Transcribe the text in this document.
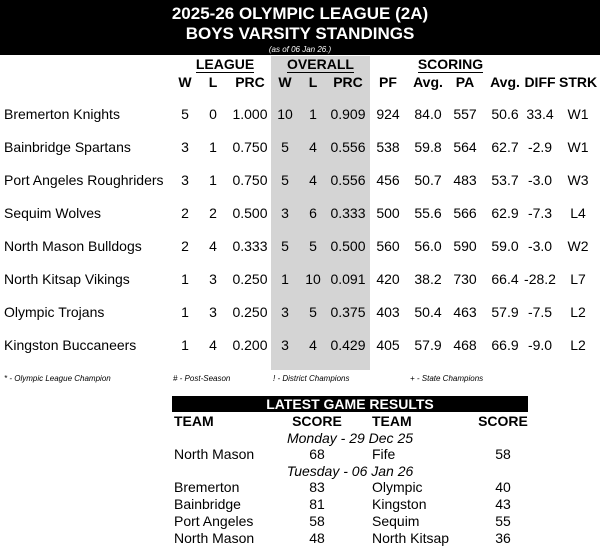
2025-26 OLYMPIC LEAGUE (2A)
BOYS VARSITY STANDINGS
(as of 06 Jan 26.)
LEAGUE	OVERALL	SCORING
W	L	PRC W	L	PRC	PF	Avg. PA	Avg. DIFF STRK
Bremerton Knights	5	0	1.000 10	1 0.909 924	84.0 557	50.6 33.4 W1
Bainbridge Spartans	3	1	0.750 5	4 0.556 538	59.8 564	62.7 -2.9	W1
Port Angeles Roughriders	3	1	0.750 5	4 0.556 456	50.7 483	53.7 -3.0	W3
Sequim Wolves	2	2	0.500 3	6 0.333 500	55.6 566	62.9 -7.3	L4
North Mason Bulldogs	2	4	0.333 5	5 0.500 560	56.0 590	59.0 -3.0	W2
North Kitsap Vikings	1	3	0.250 1	10 0.091 420	38.2 730	66.4 -28.2	L7
Olympic Trojans	1	3	0.250 3	5 0.375 403	50.4 463	57.9 -7.5	L2
Kingston Buccaneers	1	4	0.200 3	4 0.429 405	57.9 468	66.9 -9.0	L2
* - Olympic League Champion	# - Post-Season	! - District Champions	+ - State Champions
LATEST GAME RESULTS
TEAM	SCORE TEAM	SCORE
Monday - 29 Dec 25
Tuesday - 06 Jan 26
North Mason	68	Fife	58
Bremerton	83	Olympic	40
Bainbridge	81	Kingston	43
Port Angeles	58	Sequim	55
North Mason	48	North Kitsap	36
